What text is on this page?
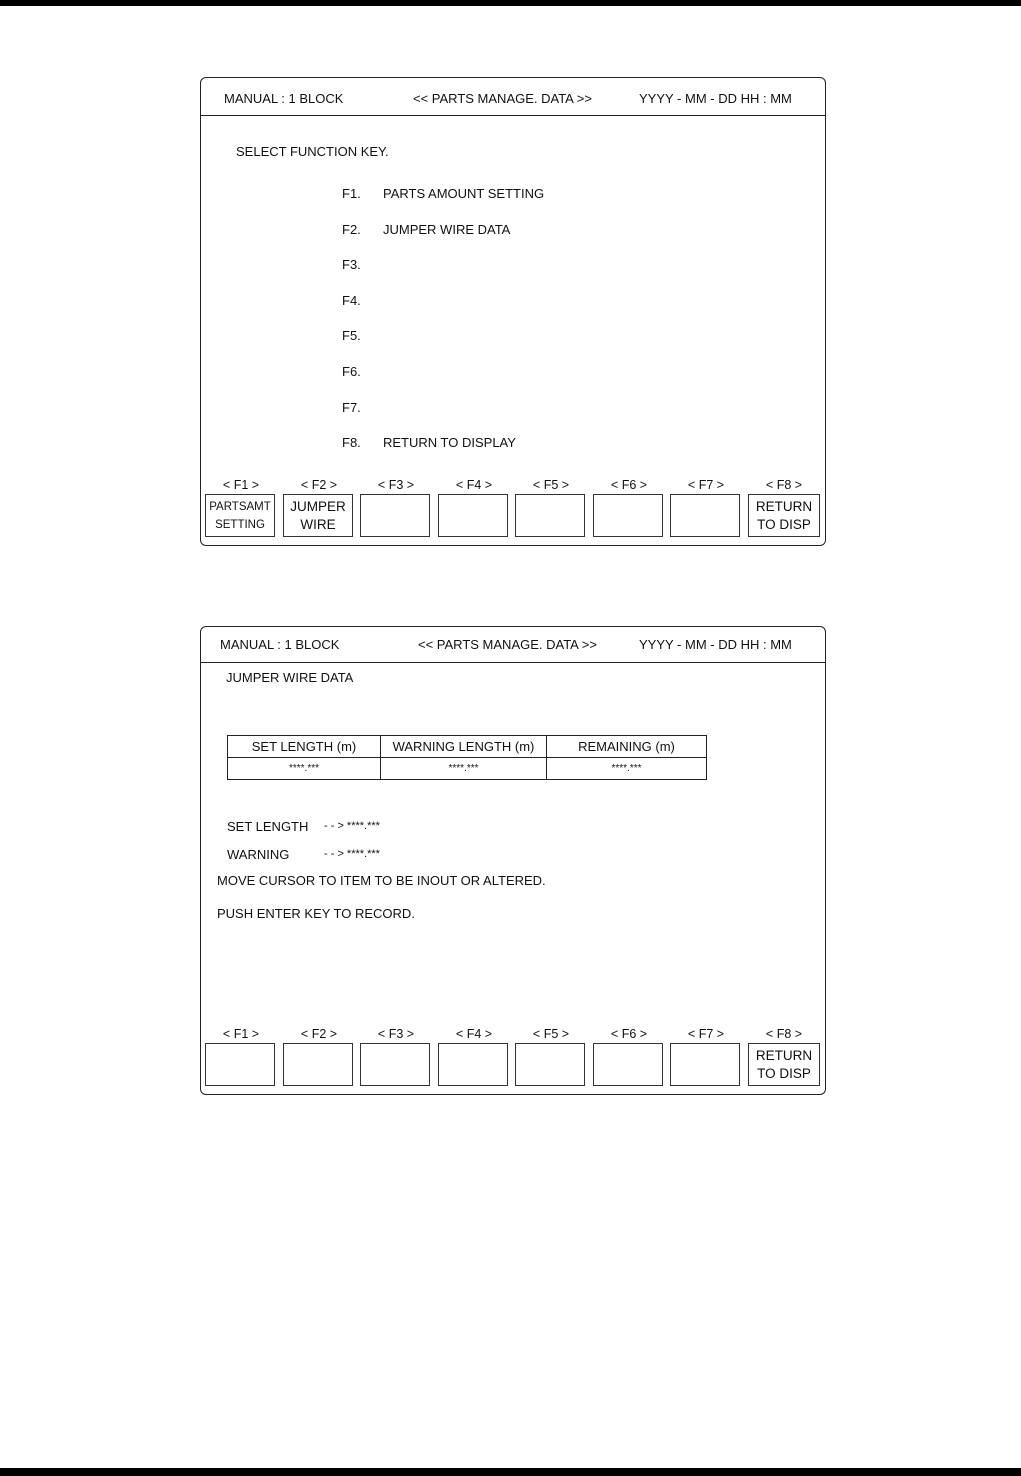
MANUAL : 1 BLOCK	<< PARTS MANAGE. DATA >>	YYYY - MM - DD HH : MM
SELECT FUNCTION KEY.
F1. PARTS AMOUNT SETTING
F2. JUMPER WIRE DATA
F3.
F4.
F5.
F6.
F7.
F8. RETURN TO DISPLAY
< F1 >
PARTSAMT
SETTING
< F2 >
JUMPER
WIRE
< F3 >	< F4 >	< F5 >	< F6 >	< F7 >	< F8 >
RETURN
TO DISP
MANUAL : 1 BLOCK	<< PARTS MANAGE. DATA >>	YYYY - MM - DD HH : MM
JUMPER WIRE DATA
SET LENGTH (m)	WARNING LENGTH (m)	REMAINING (m)
****.***	****.***	****.***
SET LENGTH - - > ****.***
WARNING	- - > ****.***
MOVE CURSOR TO ITEM TO BE INOUT OR ALTERED.
PUSH ENTER KEY TO RECORD.
< F1 >	< F2 >	< F3 >	< F4 >	< F5 >	< F6 >	< F7 >	< F8 >
RETURN
TO DISP
